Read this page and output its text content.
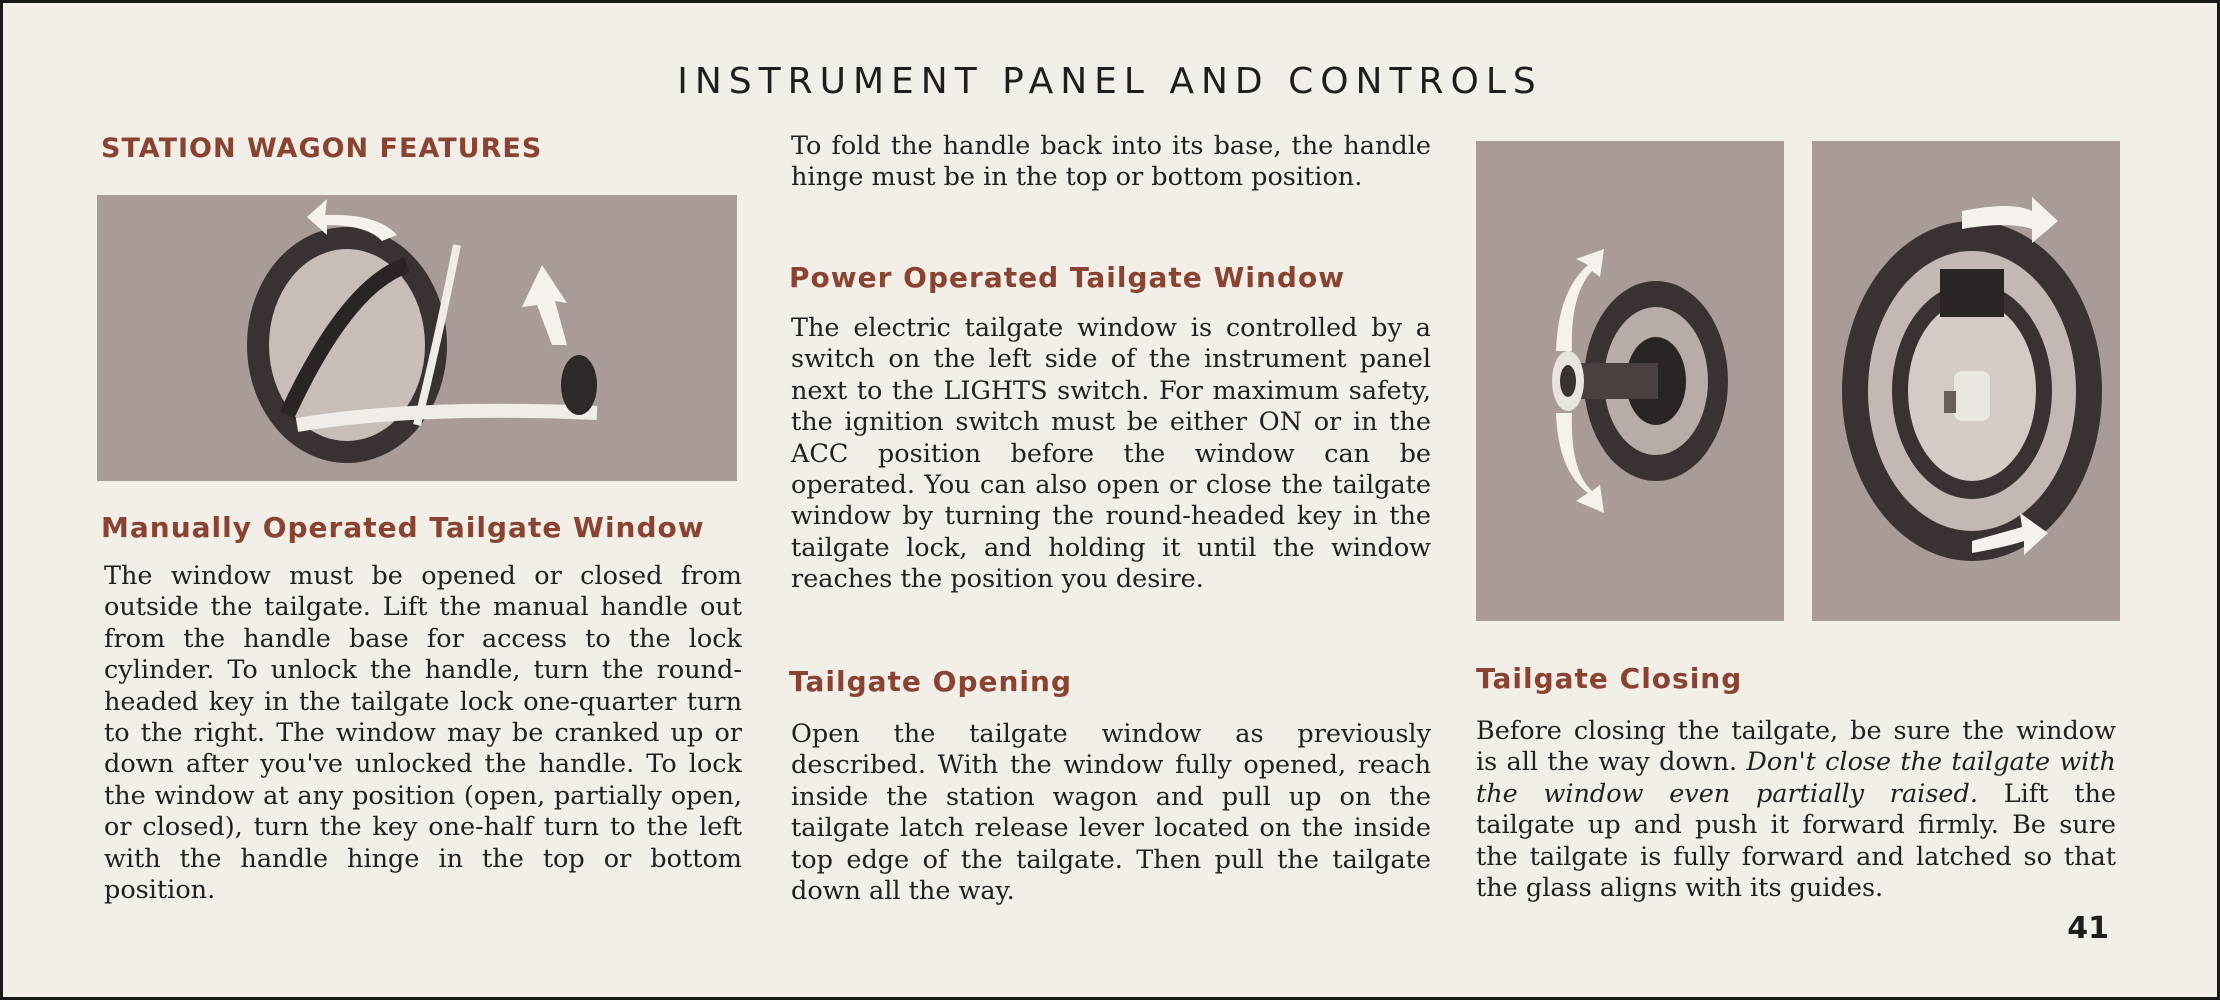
INSTRUMENT PANEL AND CONTROLS
STATION WAGON FEATURES
Manually Operated Tailgate Window
The window must be opened or closed from outside the tailgate. Lift the manual handle out from the handle base for access to the lock cylinder. To unlock the handle, turn the round-headed key in the tailgate lock one-quarter turn to the right. The window may be cranked up or down after you've unlocked the handle. To lock the window at any position (open, partially open, or closed), turn the key one-half turn to the left with the handle hinge in the top or bottom position.
To fold the handle back into its base, the handle hinge must be in the top or bottom position.
Power Operated Tailgate Window
The electric tailgate window is controlled by a switch on the left side of the instrument panel next to the LIGHTS switch. For maximum safety, the ignition switch must be either ON or in the ACC position before the window can be operated. You can also open or close the tailgate window by turning the round-headed key in the tailgate lock, and holding it until the window reaches the position you desire.
Tailgate Opening
Open the tailgate window as previously described. With the window fully opened, reach inside the station wagon and pull up on the tailgate latch release lever located on the inside top edge of the tailgate. Then pull the tailgate down all the way.
Tailgate Closing
Before closing the tailgate, be sure the window is all the way down. Don't close the tailgate with the window even partially raised. Lift the tailgate up and push it forward firmly. Be sure the tailgate is fully forward and latched so that the glass aligns with its guides.
41
